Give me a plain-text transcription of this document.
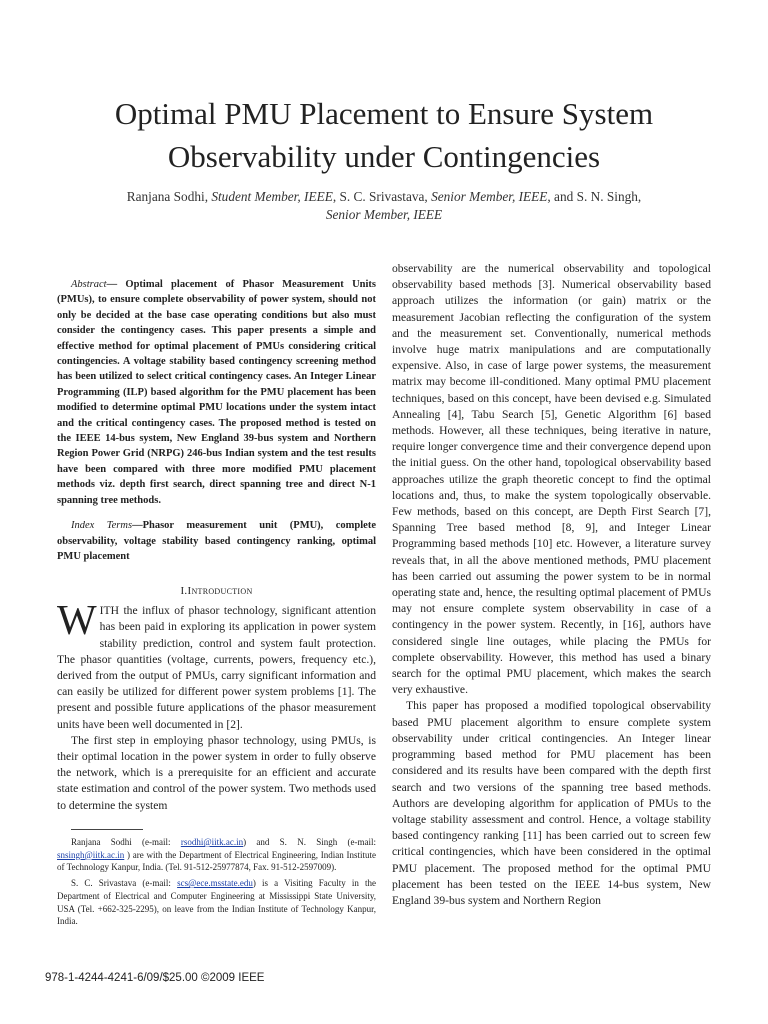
Optimal PMU Placement to Ensure System
Observability under Contingencies
Ranjana Sodhi, Student Member, IEEE, S. C. Srivastava, Senior Member, IEEE, and S. N. Singh,
Senior Member, IEEE

Abstract— Optimal placement of Phasor Measurement Units (PMUs), to ensure complete observability of power system, should not only be decided at the base case operating conditions but also must consider the contingency cases. This paper presents a simple and effective method for optimal placement of PMUs considering critical contingencies. A voltage stability based contingency screening method has been utilized to select critical contingency cases. An Integer Linear Programming (ILP) based algorithm for the PMU placement has been modified to determine optimal PMU locations under the system intact and the critical contingency cases. The proposed method is tested on the IEEE 14-bus system, New England 39-bus system and Northern Region Power Grid (NRPG) 246-bus Indian system and the test results have been compared with three more modified PMU placement methods viz. depth first search, direct spanning tree and direct N-1 spanning tree methods.

Index Terms—Phasor measurement unit (PMU), complete observability, voltage stability based contingency ranking, optimal PMU placement

I.Introduction

WITH the influx of phasor technology, significant attention has been paid in exploring its application in power system stability prediction, control and system fault protection. The phasor quantities (voltage, currents, powers, frequency etc.), derived from the output of PMUs, carry significant information and can easily be utilized for different power system problems [1]. The present and possible future applications of the phasor measurement units have been well documented in [2].

The first step in employing phasor technology, using PMUs, is their optimal location in the power system in order to fully observe the network, which is a prerequisite for an efficient and accurate state estimation and control of the power system. Two methods used to determine the system

Ranjana Sodhi (e-mail: rsodhi@iitk.ac.in) and S. N. Singh (e-mail: snsingh@iitk.ac.in ) are with the Department of Electrical Engineering, Indian Institute of Technology Kanpur, India. (Tel. 91-512-25977874, Fax. 91-512-2597009).

S. C. Srivastava (e-mail: scs@ece.msstate.edu) is a Visiting Faculty in the Department of Electrical and Computer Engineering at Mississippi State University, USA (Tel. +662-325-2295), on leave from the Indian Institute of Technology Kanpur, India.

observability are the numerical observability and topological observability based methods [3]. Numerical observability based approach utilizes the information (or gain) matrix or the measurement Jacobian reflecting the configuration of the system and the measurement set. Conventionally, numerical methods involve huge matrix manipulations and are computationally expensive. Also, in case of large power systems, the measurement matrix may become ill-conditioned. Many optimal PMU placement techniques, based on this concept, have been devised e.g. Simulated Annealing [4], Tabu Search [5], Genetic Algorithm [6] based methods. However, all these techniques, being iterative in nature, require longer convergence time and their convergence depend upon the initial guess. On the other hand, topological observability based approaches utilize the graph theoretic concept to find the optimal locations and, thus, to make the system topologically observable. Few methods, based on this concept, are Depth First Search [7], Spanning Tree based method [8, 9], and Integer Linear Programming based methods [10] etc. However, a literature survey reveals that, in all the above mentioned methods, PMU placement has been carried out assuming the power system to be in normal operating state and, hence, the resulting optimal placement of PMUs may not ensure complete system observability in case of a contingency in the power system. Recently, in [16], authors have considered single line outages, while placing the PMUs for complete observability. However, this method has used a binary search for the optimal PMU placement, which makes the search very exhaustive.

This paper has proposed a modified topological observability based PMU placement algorithm to ensure complete system observability under critical contingencies. An Integer linear programming based method for PMU placement has been considered and its results have been compared with the depth first search and two versions of the spanning tree based methods. Authors are developing algorithm for application of PMUs to the voltage stability assessment and control. Hence, a voltage stability based contingency ranking [11] has been carried out to screen few critical contingencies, which have been considered in the optimal PMU placement. The proposed method for the optimal PMU placement has been tested on the IEEE 14-bus system, New England 39-bus system and Northern Region

978-1-4244-4241-6/09/$25.00 ©2009 IEEE
